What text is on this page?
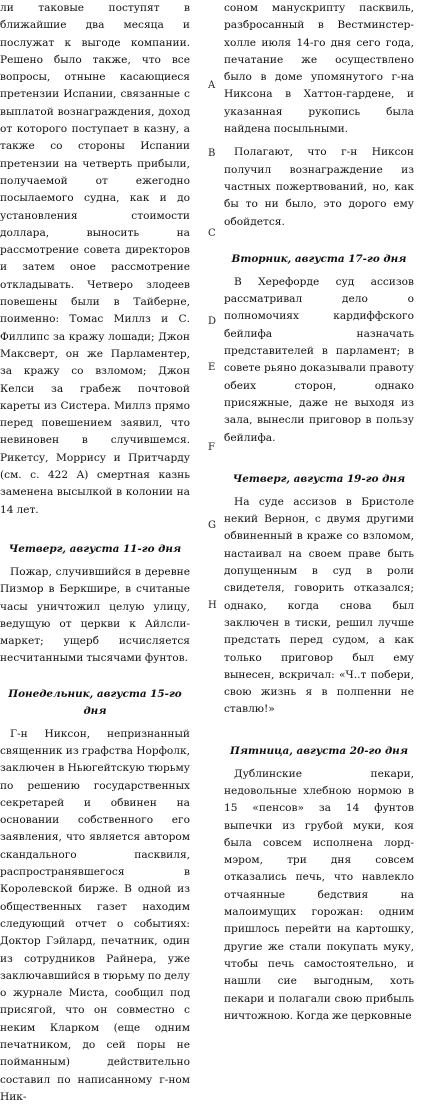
ли таковые поступят в ближайшие два месяца и послужат к выгоде компании. Решено было также, что все вопросы, отныне касающиеся претензии Испании, связанные с выплатой вознаграждения, доход от которого поступает в казну, а также со стороны Испании претензии на четверть прибыли, получаемой от ежегодно посылаемого судна, как и до установления стоимости доллара, выносить на рассмотрение совета директоров и затем оное рассмотрение откладывать. Четверо злодеев повешены были в Тайберне, поименно: Томас Миллз и С. Филлипс за кражу лошади; Джон Максверт, он же Парламентер, за кражу со взломом; Джон Келси за грабеж почтовой кареты из Систера. Миллз прямо перед повешением заявил, что невиновен в случившемся. Рикетсу, Моррису и Притчарду (см. с. 422 A) смертная казнь заменена высылкой в колонии на 14 лет.

Четверг, августа 11-го дня

Пожар, случившийся в деревне Пизмор в Беркшире, в считаные часы уничтожил целую улицу, ведущую от церкви к Айлсли-маркет; ущерб исчисляется несчитанными тысячами фунтов.

Понедельник, августа 15-го дня

Г-н Никсон, непризнанный священник из графства Норфолк, заключен в Ньюгейтскую тюрьму по решению государственных секретарей и обвинен на основании собственного его заявления, что является автором скандального пасквиля, распространявшегося в Королевской бирже. В одной из общественных газет находим следующий отчет о событиях: Доктор Гэйлард, печатник, один из сотрудников Райнера, уже заключавшийся в тюрьму по делу о журнале Миста, сообщил под присягой, что он совместно с неким Кларком (еще одним печатником, до сей поры не пойманным) действительно составил по написанному г-ном Ник-

соном манускрипту пасквиль, разбросанный в Вестминстер-холле июля 14-го дня сего года, печатание же осуществлено было в доме упомянутого г-на Никсона в Хаттон-гардене, и указанная рукопись была найдена посыльными.

Полагают, что г-н Никсон получил вознаграждение из частных пожертвований, но, как бы то ни было, это дорого ему обойдется.

Вторник, августа 17-го дня

В Херефорде суд ассизов рассматривал дело о полномочиях кардиффского бейлифа назначать представителей в парламент; в совете рьяно доказывали правоту обеих сторон, однако присяжные, даже не выходя из зала, вынесли приговор в пользу бейлифа.

Четверг, августа 19-го дня

На суде ассизов в Бристоле некий Вернон, с двумя другими обвиненный в краже со взломом, настаивал на своем праве быть допущенным в суд в роли свидетеля, говорить отказался; однако, когда снова был заключен в тиски, решил лучше предстать перед судом, а как только приговор был ему вынесен, вскричал: «Ч..т побери, свою жизнь я в полпенни не ставлю!»

Пятница, августа 20-го дня

Дублинские пекари, недовольные хлебною нормою в 15 «пенсов» за 14 фунтов выпечки из грубой муки, коя была совсем исполнена лорд-мэром, три дня совсем отказались печь, что навлекло отчаянные бедствия на малоимущих горожан: одним пришлось перейти на картошку, другие же стали покупать муку, чтобы печь самостоятельно, и нашли сие выгодным, хоть пекари и полагали свою прибыль ничтожною. Когда же церковные

A
B
C
D
E
F
G
H
